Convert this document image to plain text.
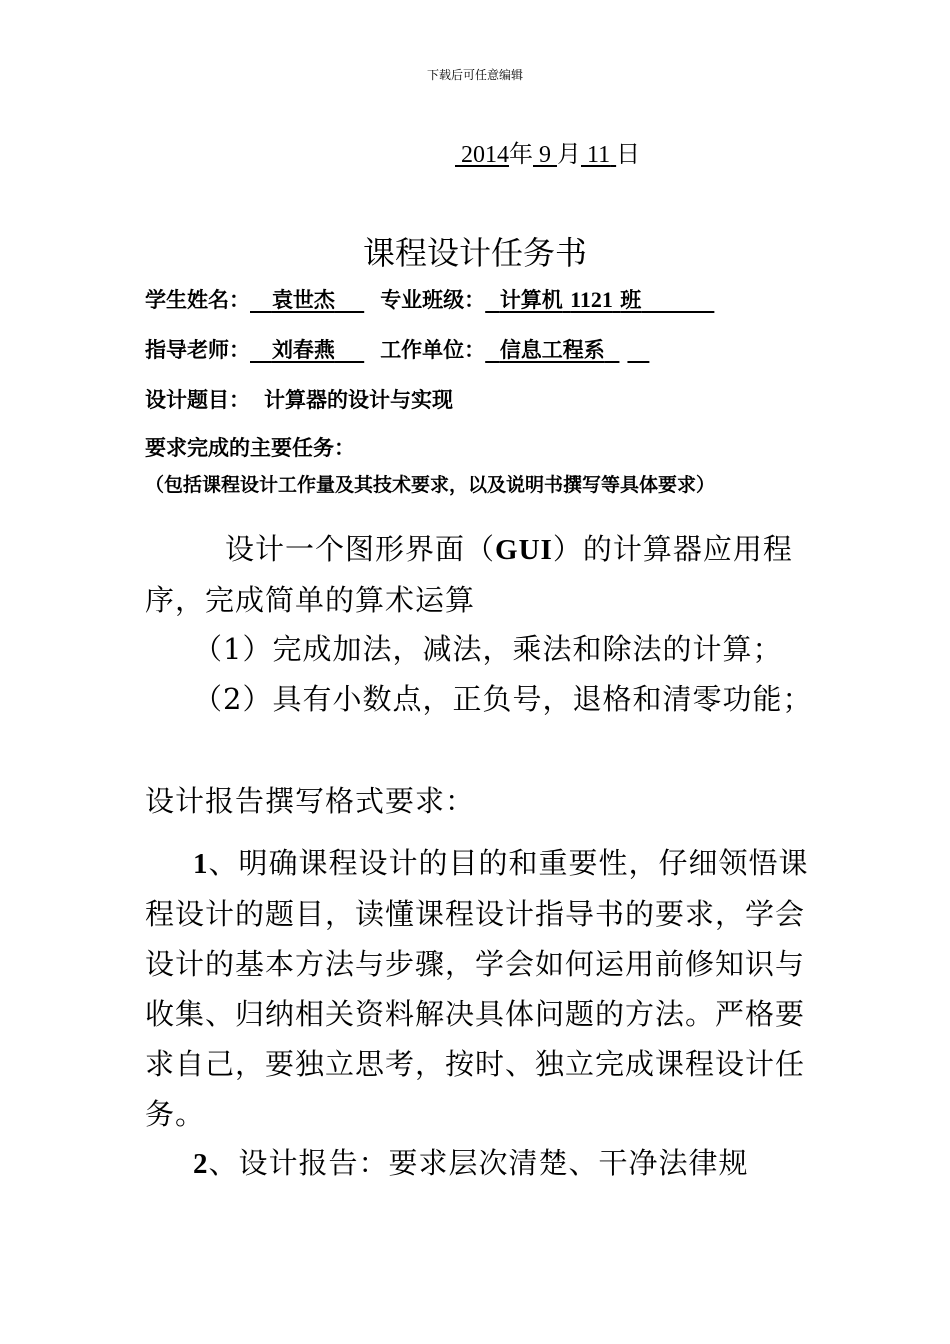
下载后可任意编辑
2014年 9 月 11 日
课程设计任务书
学生姓名： 袁世杰 专业班级： 计算机 1121 班
指导老师： 刘春燕 工作单位： 信息工程系
设计题目： 计算器的设计与实现
要求完成的主要任务：
（包括课程设计工作量及其技术要求，以及说明书撰写等具体要求）
设计一个图形界面（GUI）的计算器应用程序，完成简单的算术运算
（1）完成加法，减法，乘法和除法的计算；
（2）具有小数点，正负号，退格和清零功能；
设计报告撰写格式要求：
1、明确课程设计的目的和重要性，仔细领悟课程设计的题目，读懂课程设计指导书的要求，学会设计的基本方法与步骤，学会如何运用前修知识与收集、归纳相关资料解决具体问题的方法。严格要求自己，要独立思考，按时、独立完成课程设计任务。
2、设计报告：要求层次清楚、干净法律规
